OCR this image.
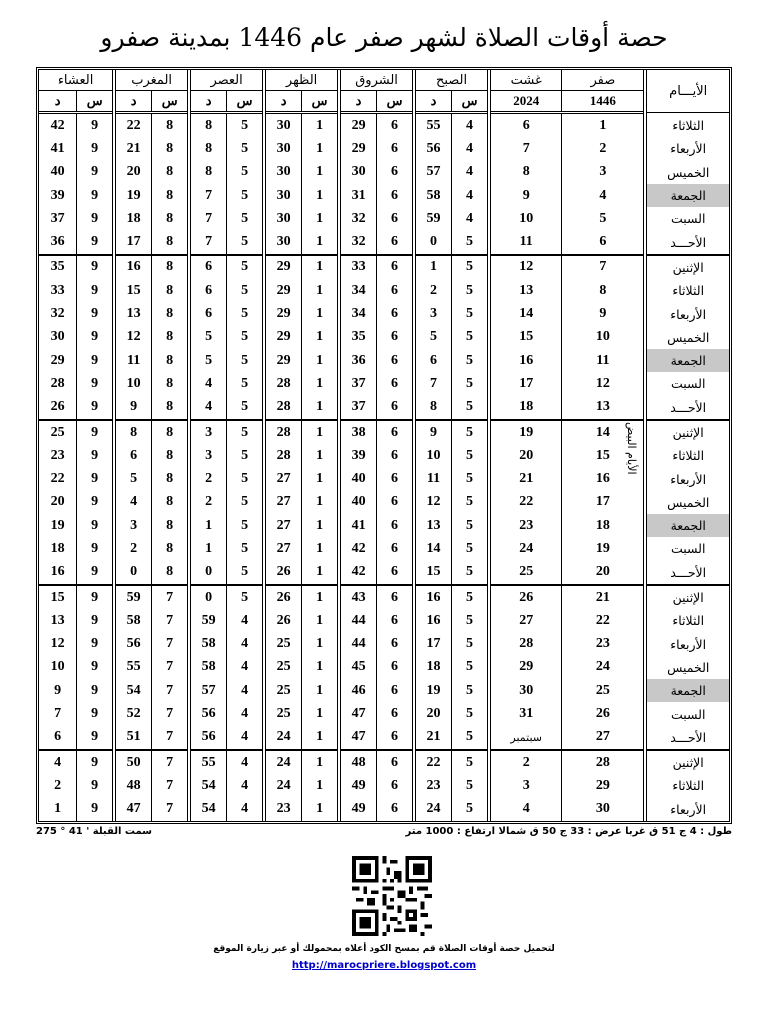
حصة أوقات الصلاة لشهر صفر عام 1446 بمدينة صفرو
الأيـــام	صفر	غشت	الصبح		الشروق		الظهر		العصر		المغرب		العشاء	
	1446	2024	س	د	س	د	س	د	س	د	س	د	س	د
الثلاثاء	1	6	4	55	6	29	1	30	5	8	8	22	9	42
الأربعاء	2	7	4	56	6	29	1	30	5	8	8	21	9	41
الخميس	3	8	4	57	6	30	1	30	5	8	8	20	9	40
الجمعة	4	9	4	58	6	31	1	30	5	7	8	19	9	39
السبت	5	10	4	59	6	32	1	30	5	7	8	18	9	37
الأحـــد	6	11	5	0	6	32	1	30	5	7	8	17	9	36
الإثنين	7	12	5	1	6	33	1	29	5	6	8	16	9	35
الثلاثاء	8	13	5	2	6	34	1	29	5	6	8	15	9	33
الأربعاء	9	14	5	3	6	34	1	29	5	6	8	13	9	32
الخميس	10	15	5	5	6	35	1	29	5	5	8	12	9	30
الجمعة	11	16	5	6	6	36	1	29	5	5	8	11	9	29
السبت	12	17	5	7	6	37	1	28	5	4	8	10	9	28
الأحـــد	13	18	5	8	6	37	1	28	5	4	8	9	9	26
الإثنين	14	19	5	9	6	38	1	28	5	3	8	8	9	25
الثلاثاء	15	20	5	10	6	39	1	28	5	3	8	6	9	23
الأربعاء	16	21	5	11	6	40	1	27	5	2	8	5	9	22
الخميس	17	22	5	12	6	40	1	27	5	2	8	4	9	20
الجمعة	18	23	5	13	6	41	1	27	5	1	8	3	9	19
السبت	19	24	5	14	6	42	1	27	5	1	8	2	9	18
الأحـــد	20	25	5	15	6	42	1	26	5	0	8	0	9	16
الإثنين	21	26	5	16	6	43	1	26	5	0	7	59	9	15
الثلاثاء	22	27	5	16	6	44	1	26	4	59	7	58	9	13
الأربعاء	23	28	5	17	6	44	1	25	4	58	7	56	9	12
الخميس	24	29	5	18	6	45	1	25	4	58	7	55	9	10
الجمعة	25	30	5	19	6	46	1	25	4	57	7	54	9	9
السبت	26	31	5	20	6	47	1	25	4	56	7	52	9	7
الأحـــد	27	سبتمبر	5	21	6	47	1	24	4	56	7	51	9	6
الإثنين	28	2	5	22	6	48	1	24	4	55	7	50	9	4
الثلاثاء	29	3	5	23	6	49	1	24	4	54	7	48	9	2
الأربعاء	30	4	5	24	6	49	1	23	4	54	7	47	9	1
الأيام البيض
طول : 4 ج 51 ق غربا عرض : 33 ج 50 ق شمالا ارتفاع : 1000 متر
سمت القبلة ' 41 ° 275
لتحميل حصة أوقات الصلاة قم بمسح الكود أعلاه بمحمولك أو عبر زيارة الموقع
http://marocpriere.blogspot.com
